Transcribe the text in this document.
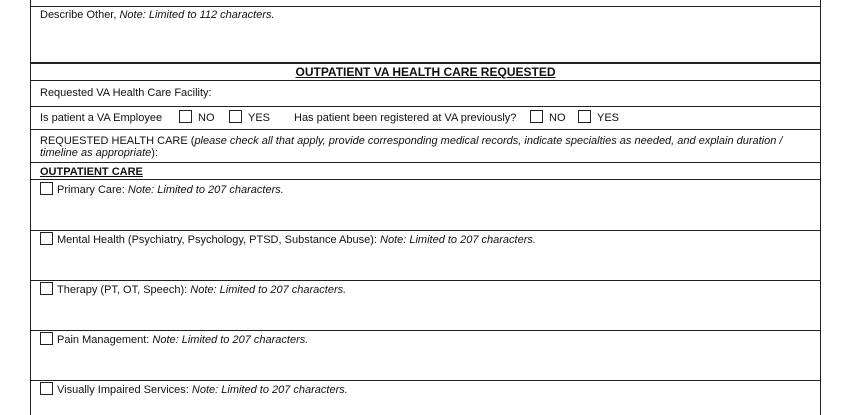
Describe Other, Note: Limited to 112 characters.
OUTPATIENT VA HEALTH CARE REQUESTED
Requested VA Health Care Facility:
Is patient a VA Employee	NO	YES Has patient been registered at VA previously?	NO	YES
REQUESTED HEALTH CARE (please check all that apply, provide corresponding medical records, indicate specialties as needed, and explain duration /
timeline as appropriate):
OUTPATIENT CARE
Primary Care: Note: Limited to 207 characters.
Mental Health (Psychiatry, Psychology, PTSD, Substance Abuse): Note: Limited to 207 characters.
Therapy (PT, OT, Speech): Note: Limited to 207 characters.
Pain Management: Note: Limited to 207 characters.
Visually Impaired Services: Note: Limited to 207 characters.
